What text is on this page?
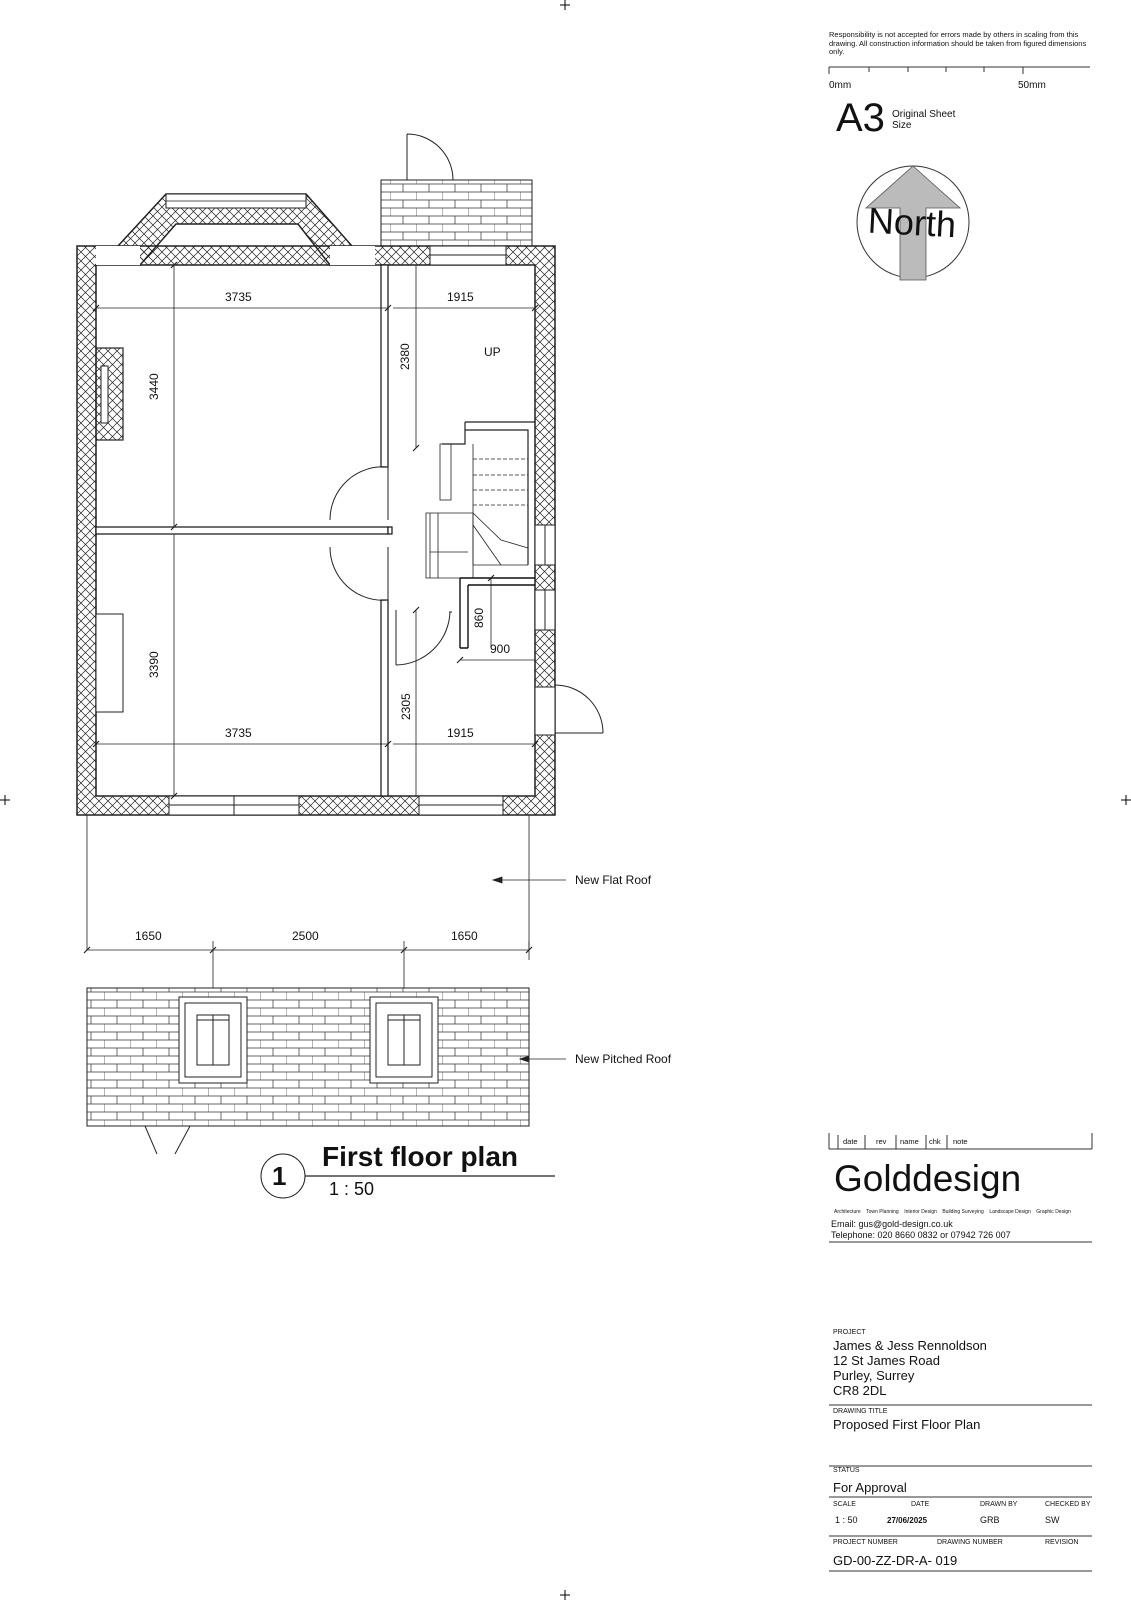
Responsibility is not accepted for errors made by others in scaling from this drawing. All construction information should be taken from figured dimensions only.
0mm	50mm
A3 Original Sheet Size
North
3735	1915
3440
2380	UP
3390
860
900
2305
3735	1915
New Flat Roof
1650	2500	1650
New Pitched Roof
1
First floor plan
1 : 50
date rev name chk note
Golddesign
Architecture Town Planning Interior Design Building Surveying Landscape Design Graphic Design
Email: gus@gold-design.co.uk
Telephone: 020 8660 0832 or 07942 726 007
PROJECT
James & Jess Rennoldson
12 St James Road
Purley, Surrey
CR8 2DL
DRAWING TITLE
Proposed First Floor Plan
STATUS
For Approval
SCALE	DATE	DRAWN BY	CHECKED BY
1 : 50	27/06/2025	GRB	SW
PROJECT NUMBER	DRAWING NUMBER	REVISION
GD-00-ZZ-DR-A- 019
